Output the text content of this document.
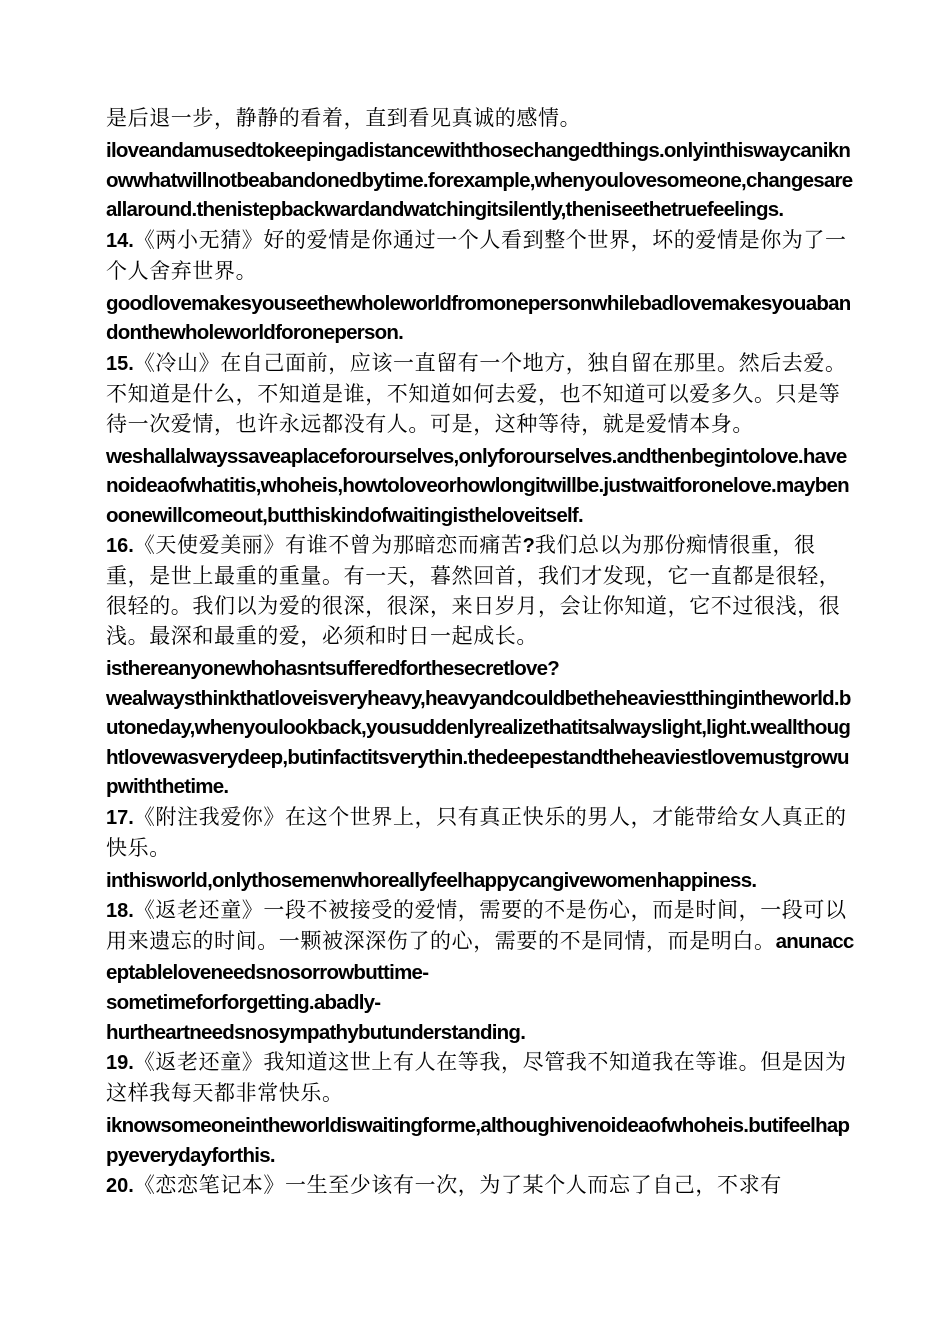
是后退一步，静静的看着，直到看见真诚的感情。

iloveandamusedtokeepingadistancewiththosechangedthings.onlyinthiswaycaniknowwhatwillnotbeabandonedbytime.forexample,whenyoulovesomeone,changesareallaround.thenistepbackwardandwatchingitsilently,theniseethetruefeelings.

14.《两小无猜》好的爱情是你通过一个人看到整个世界，坏的爱情是你为了一个人舍弃世界。

goodlovemakesyouseethewholeworldfromonepersonwhilebadlovemakesyouabandonthewholeworldforoneperson.

15.《冷山》在自己面前，应该一直留有一个地方，独自留在那里。然后去爱。不知道是什么，不知道是谁，不知道如何去爱，也不知道可以爱多久。只是等待一次爱情，也许永远都没有人。可是，这种等待，就是爱情本身。

weshallalwayssaveaplaceforourselves,onlyforourselves.andthenbegintolove.havenoideaofwhatitis,whoheis,howtoloveorhowlongitwillbe.justwaitforonelove.maybenoonewillcomeout,butthiskindofwaitingistheloveitself.

16.《天使爱美丽》有谁不曾为那暗恋而痛苦?我们总以为那份痴情很重，很重，是世上最重的重量。有一天，暮然回首，我们才发现，它一直都是很轻，很轻的。我们以为爱的很深，很深，来日岁月，会让你知道，它不过很浅，很浅。最深和最重的爱，必须和时日一起成长。

isthereanyonewhohasntsufferedforthesecretlove?
wealwaysthinkthatloveisveryheavy,heavyandcouldbetheheaviestthingintheworld.butoneday,whenyoulookback,yousuddenlyrealizethatitsalwayslight,light.weallthoughtlovewasverydeep,butinfactitsverythin.thedeepestandtheheaviestlovemustgrowupwiththetime.

17.《附注我爱你》在这个世界上，只有真正快乐的男人，才能带给女人真正的快乐。

inthisworld,onlythosemenwhoreallyfeelhappycangivewomenhappiness.

18.《返老还童》一段不被接受的爱情，需要的不是伤心，而是时间，一段可以用来遗忘的时间。一颗被深深伤了的心，需要的不是同情，而是明白。anunacceptableloveneedsnosorrowbuttime-

sometimeforforgetting.abadly-
hurtheartneedsnosympathybutunderstanding.

19.《返老还童》我知道这世上有人在等我，尽管我不知道我在等谁。但是因为这样我每天都非常快乐。

iknowsomeoneintheworldiswaitingforme,althoughivenoideaofwhoheis.butifeelhappyeverydayforthis.

20.《恋恋笔记本》一生至少该有一次，为了某个人而忘了自己，不求有
